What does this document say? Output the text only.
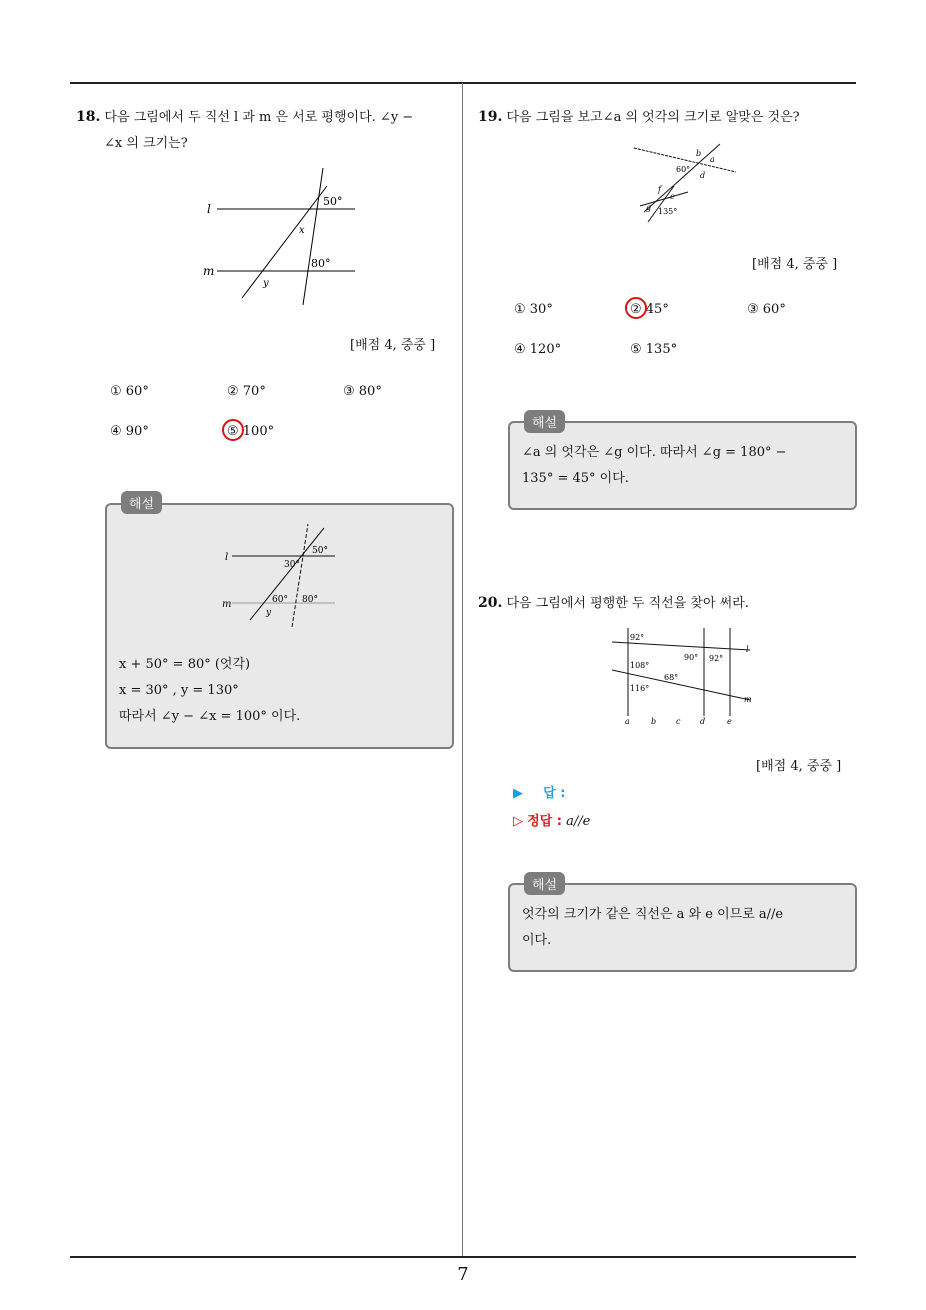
7
18. 다음 그림에서 두 직선 l 과 m 은 서로 평행이다. ∠y −
∠x 의 크기는?
l
m
50°
80°
x
y
[배점 4, 중중 ]
① 60°	② 70°	③ 80°
④ 90°	⑤ 100°
해설
l
m
50°
30°
60° 80°
y
x + 50° = 80° (엇각)
x = 30° , y = 130°
따라서 ∠y − ∠x = 100° 이다.
19. 다음 그림을 보고∠a 의 엇각의 크기로 알맞은 것은?
b
a
60°
d
f
e
g 135°
[배점 4, 중중 ]
① 30°	② 45°	③ 60°
④ 120°	⑤ 135°
해설
∠a 의 엇각은 ∠g 이다. 따라서 ∠g = 180° −
135° = 45° 이다.
20. 다음 그림에서 평행한 두 직선을 찾아 써라.
92°
90° 92°
l
108°
68°
116°
m
a	b c d	e
[배점 4, 중중 ]
▶ 답 :
▷ 정답 : a//e
해설
엇각의 크기가 같은 직선은 a 와 e 이므로 a//e
이다.
